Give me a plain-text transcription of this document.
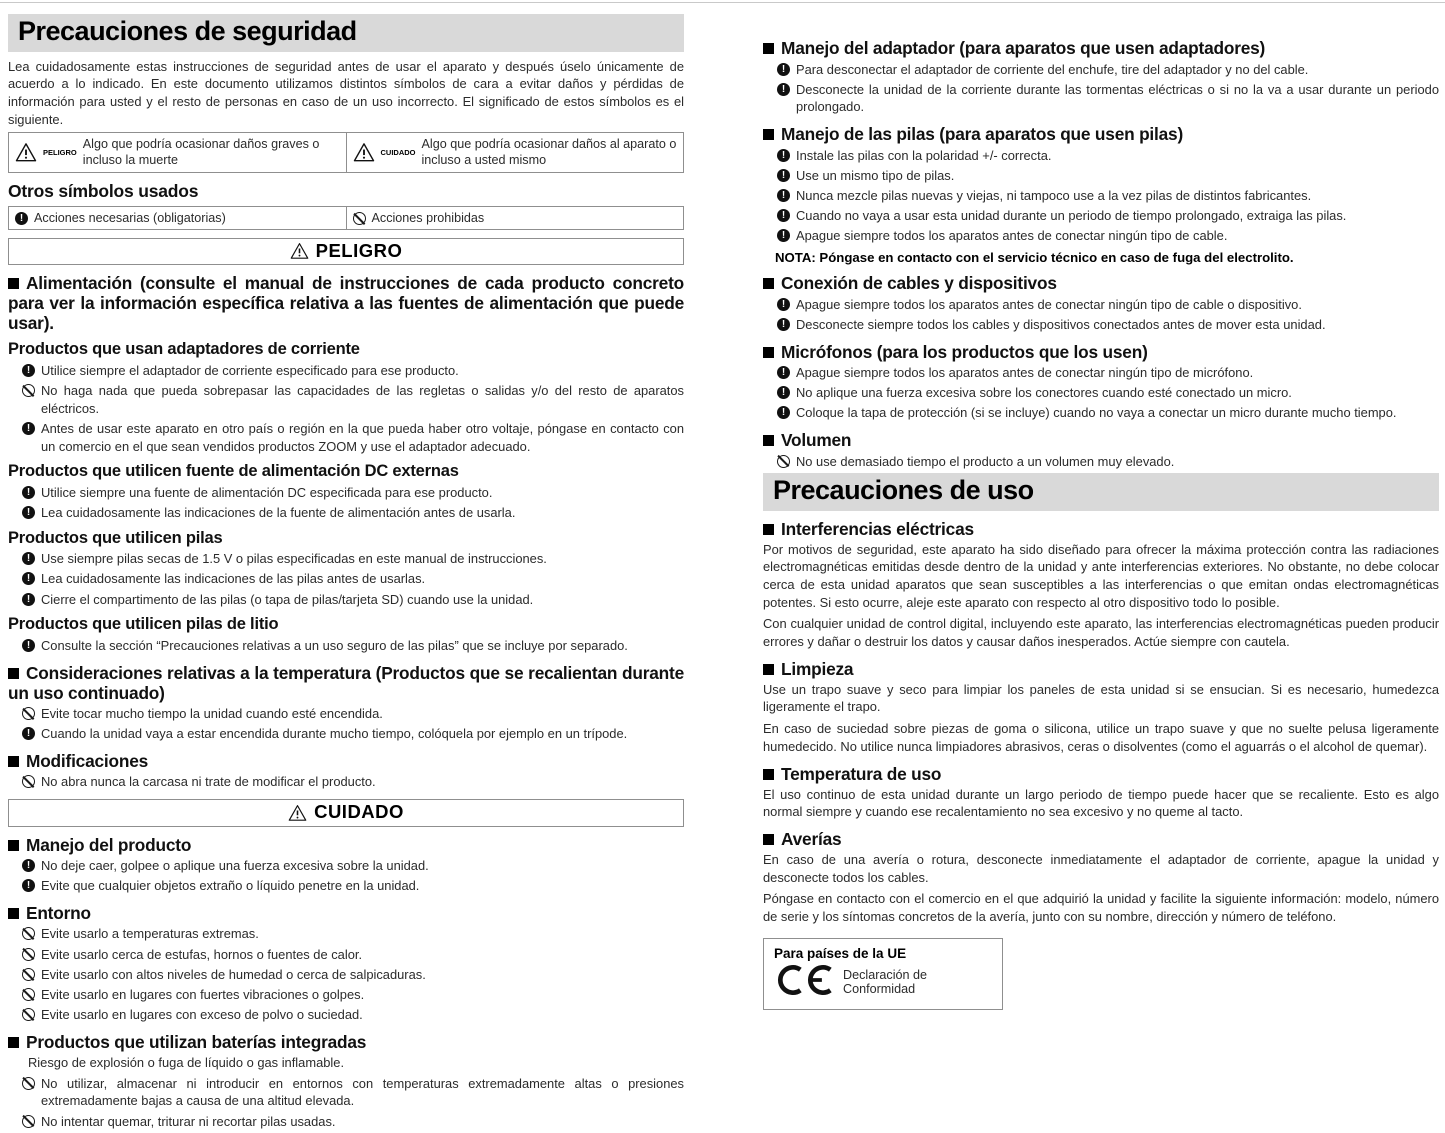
Precauciones de seguridad

Lea cuidadosamente estas instrucciones de seguridad antes de usar el aparato y después úselo únicamente de acuerdo a lo indicado. En este documento utilizamos distintos símbolos de cara a evitar daños y pérdidas de información para usted y el resto de personas en caso de un uso incorrecto. El significado de estos símbolos es el siguiente.

PELIGRO
Algo que podría ocasionar daños graves o incluso la muerte

CUIDADO
Algo que podría ocasionar daños al aparato o incluso a usted mismo
Otros símbolos usados
! Acciones necesarias (obligatorias)	Acciones prohibidas
PELIGRO
Alimentación (consulte el manual de instrucciones de cada producto concreto para ver la información específica relativa a las fuentes de alimentación que puede usar).
Productos que usan adaptadores de corriente
! Utilice siempre el adaptador de corriente especificado para ese producto.

No haga nada que pueda sobrepasar las capacidades de las regletas o salidas y/o del resto de aparatos eléctricos.

! Antes de usar este aparato en otro país o región en la que pueda haber otro voltaje, póngase en contacto con un comercio en el que sean vendidos productos ZOOM y use el adaptador adecuado.

Productos que utilicen fuente de alimentación DC externas
! Utilice siempre una fuente de alimentación DC especificada para ese producto.

! Lea cuidadosamente las indicaciones de la fuente de alimentación antes de usarla.

Productos que utilicen pilas
! Use siempre pilas secas de 1.5 V o pilas especificadas en este manual de instrucciones.

! Lea cuidadosamente las indicaciones de las pilas antes de usarlas.

! Cierre el compartimento de las pilas (o tapa de pilas/tarjeta SD) cuando use la unidad.

Productos que utilicen pilas de litio
! Consulte la sección “Precauciones relativas a un uso seguro de las pilas” que se incluye por separado.

Consideraciones relativas a la temperatura (Productos que se recalientan durante un uso continuado)

Evite tocar mucho tiempo la unidad cuando esté encendida.

! Cuando la unidad vaya a estar encendida durante mucho tiempo, colóquela por ejemplo en un trípode.

Modificaciones

No abra nunca la carcasa ni trate de modificar el producto.

CUIDADO
Manejo del producto
! No deje caer, golpee o aplique una fuerza excesiva sobre la unidad.

! Evite que cualquier objetos extraño o líquido penetre en la unidad.

Entorno

Evite usarlo a temperaturas extremas.

Evite usarlo cerca de estufas, hornos o fuentes de calor.

Evite usarlo con altos niveles de humedad o cerca de salpicaduras.

Evite usarlo en lugares con fuertes vibraciones o golpes.

Evite usarlo en lugares con exceso de polvo o suciedad.

Productos que utilizan baterías integradas

Riesgo de explosión o fuga de líquido o gas inflamable.

No utilizar, almacenar ni introducir en entornos con temperaturas extremadamente altas o presiones extremadamente bajas a causa de una altitud elevada.

No intentar quemar, triturar ni recortar pilas usadas.

Manejo del adaptador (para aparatos que usen adaptadores)
! Para desconectar el adaptador de corriente del enchufe, tire del adaptador y no del cable.

! Desconecte la unidad de la corriente durante las tormentas eléctricas o si no la va a usar durante un periodo prolongado.

Manejo de las pilas (para aparatos que usen pilas)
! Instale las pilas con la polaridad +/- correcta.

! Use un mismo tipo de pilas.

! Nunca mezcle pilas nuevas y viejas, ni tampoco use a la vez pilas de distintos fabricantes.

! Cuando no vaya a usar esta unidad durante un periodo de tiempo prolongado, extraiga las pilas.

! Apague siempre todos los aparatos antes de conectar ningún tipo de cable.

NOTA: Póngase en contacto con el servicio técnico en caso de fuga del electrolito.

Conexión de cables y dispositivos
! Apague siempre todos los aparatos antes de conectar ningún tipo de cable o dispositivo.

! Desconecte siempre todos los cables y dispositivos conectados antes de mover esta unidad.

Micrófonos (para los productos que los usen)
! Apague siempre todos los aparatos antes de conectar ningún tipo de micrófono.

! No aplique una fuerza excesiva sobre los conectores cuando esté conectado un micro.

! Coloque la tapa de protección (si se incluye) cuando no vaya a conectar un micro durante mucho tiempo.

Volumen

No use demasiado tiempo el producto a un volumen muy elevado.

Precauciones de uso
Interferencias eléctricas

Por motivos de seguridad, este aparato ha sido diseñado para ofrecer la máxima protección contra las radiaciones electromagnéticas emitidas desde dentro de la unidad y ante interferencias exteriores. No obstante, no debe colocar cerca de esta unidad aparatos que sean susceptibles a las interferencias o que emitan ondas electromagnéticas potentes. Si esto ocurre, aleje este aparato con respecto al otro dispositivo todo lo posible.

Con cualquier unidad de control digital, incluyendo este aparato, las interferencias electromagnéticas pueden producir errores y dañar o destruir los datos y causar daños inesperados. Actúe siempre con cautela.

Limpieza

Use un trapo suave y seco para limpiar los paneles de esta unidad si se ensucian. Si es necesario, humedezca ligeramente el trapo.

En caso de suciedad sobre piezas de goma o silicona, utilice un trapo suave y que no suelte pelusa ligeramente humedecido. No utilice nunca limpiadores abrasivos, ceras o disolventes (como el aguarrás o el alcohol de quemar).

Temperatura de uso

El uso continuo de esta unidad durante un largo periodo de tiempo puede hacer que se recaliente. Esto es algo normal siempre y cuando ese recalentamiento no sea excesivo y no queme al tacto.

Averías

En caso de una avería o rotura, desconecte inmediatamente el adaptador de corriente, apague la unidad y desconecte todos los cables.

Póngase en contacto con el comercio en el que adquirió la unidad y facilite la siguiente información: modelo, número de serie y los síntomas concretos de la avería, junto con su nombre, dirección y número de teléfono.

Para países de la UE

Declaración de Conformidad
